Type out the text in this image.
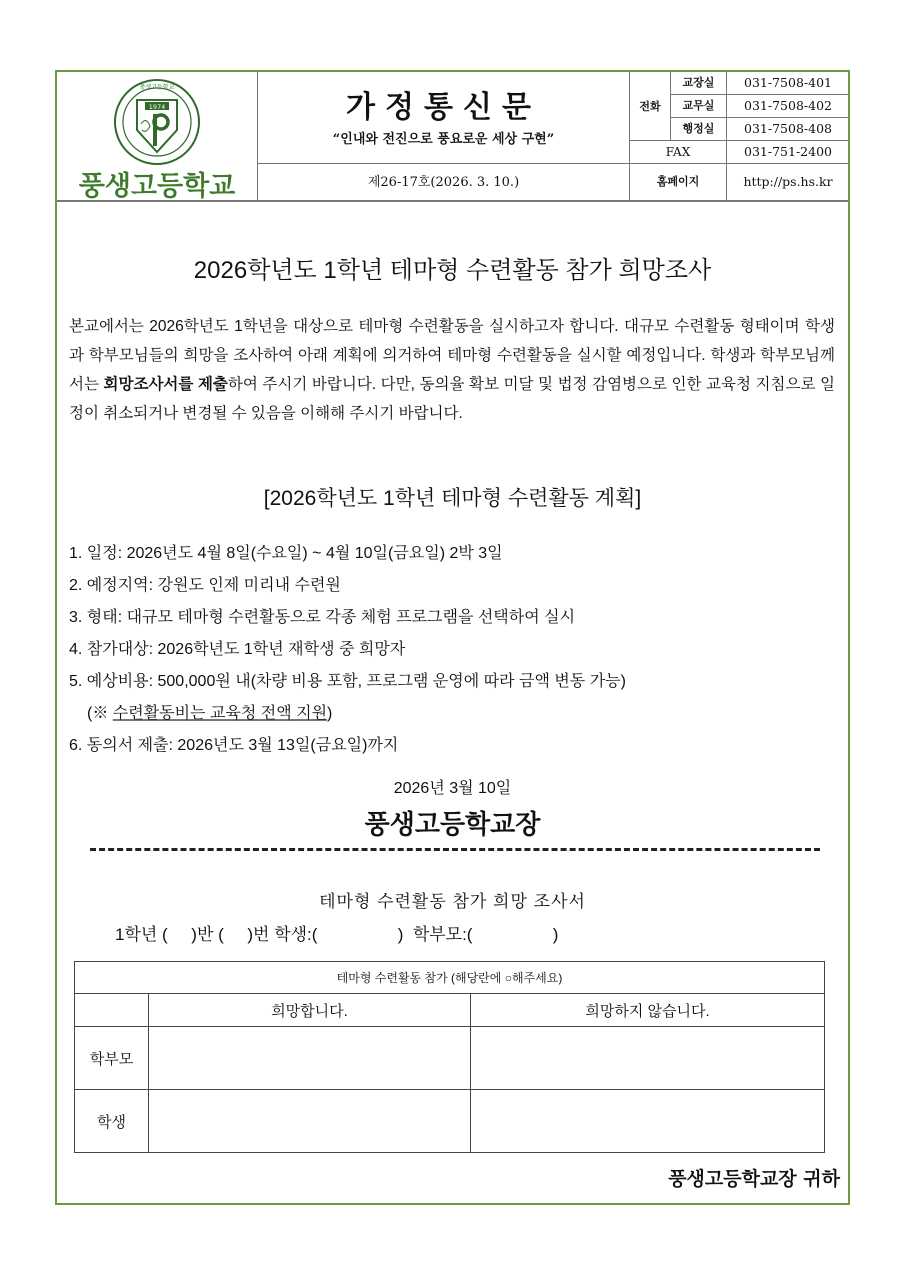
1974
풍생고등학교
풍생고등학교
가정통신문
“인내와 전진으로 풍요로운 세상 구현”
제26-17호(2026. 3. 10.)
전화
교장실	031-7508-401
교무실	031-7508-402
행정실	031-7508-408
FAX	031-751-2400
홈페이지	http://ps.hs.kr
2026학년도 1학년 테마형 수련활동 참가 희망조사
본교에서는 2026학년도 1학년을 대상으로 테마형 수련활동을 실시하고자 합니다. 대규모 수련활동 형태이며 학생과 학부모님들의 희망을 조사하여 아래 계획에 의거하여 테마형 수련활동을 실시할 예정입니다. 학생과 학부모님께서는 회망조사서를 제출하여 주시기 바랍니다. 다만, 동의율 확보 미달 및 법정 감염병으로 인한 교육청 지침으로 일정이 취소되거나 변경될 수 있음을 이해해 주시기 바랍니다.
[2026학년도 1학년 테마형 수련활동 계획]
1. 일정: 2026년도 4월 8일(수요일) ~ 4월 10일(금요일) 2박 3일
2. 예정지역: 강원도 인제 미리내 수련원
3. 형태: 대규모 테마형 수련활동으로 각종 체험 프로그램을 선택하여 실시
4. 참가대상: 2026학년도 1학년 재학생 중 희망자
5. 예상비용: 500,000원 내(차량 비용 포함, 프로그램 운영에 따라 금액 변동 가능)
(※ 수련활동비는 교육청 전액 지원)
6. 동의서 제출: 2026년도 3월 13일(금요일)까지
2026년 3월 10일
풍생고등학교장
테마형 수련활동 참가 희망 조사서
1학년 (     )반 (     )번 학생:(                 )  학부모:(                 )
테마형 수련활동 참가 (해당란에 ○해주세요)		
	희망합니다.	희망하지 않습니다.
학부모		
학생		
풍생고등학교장 귀하
